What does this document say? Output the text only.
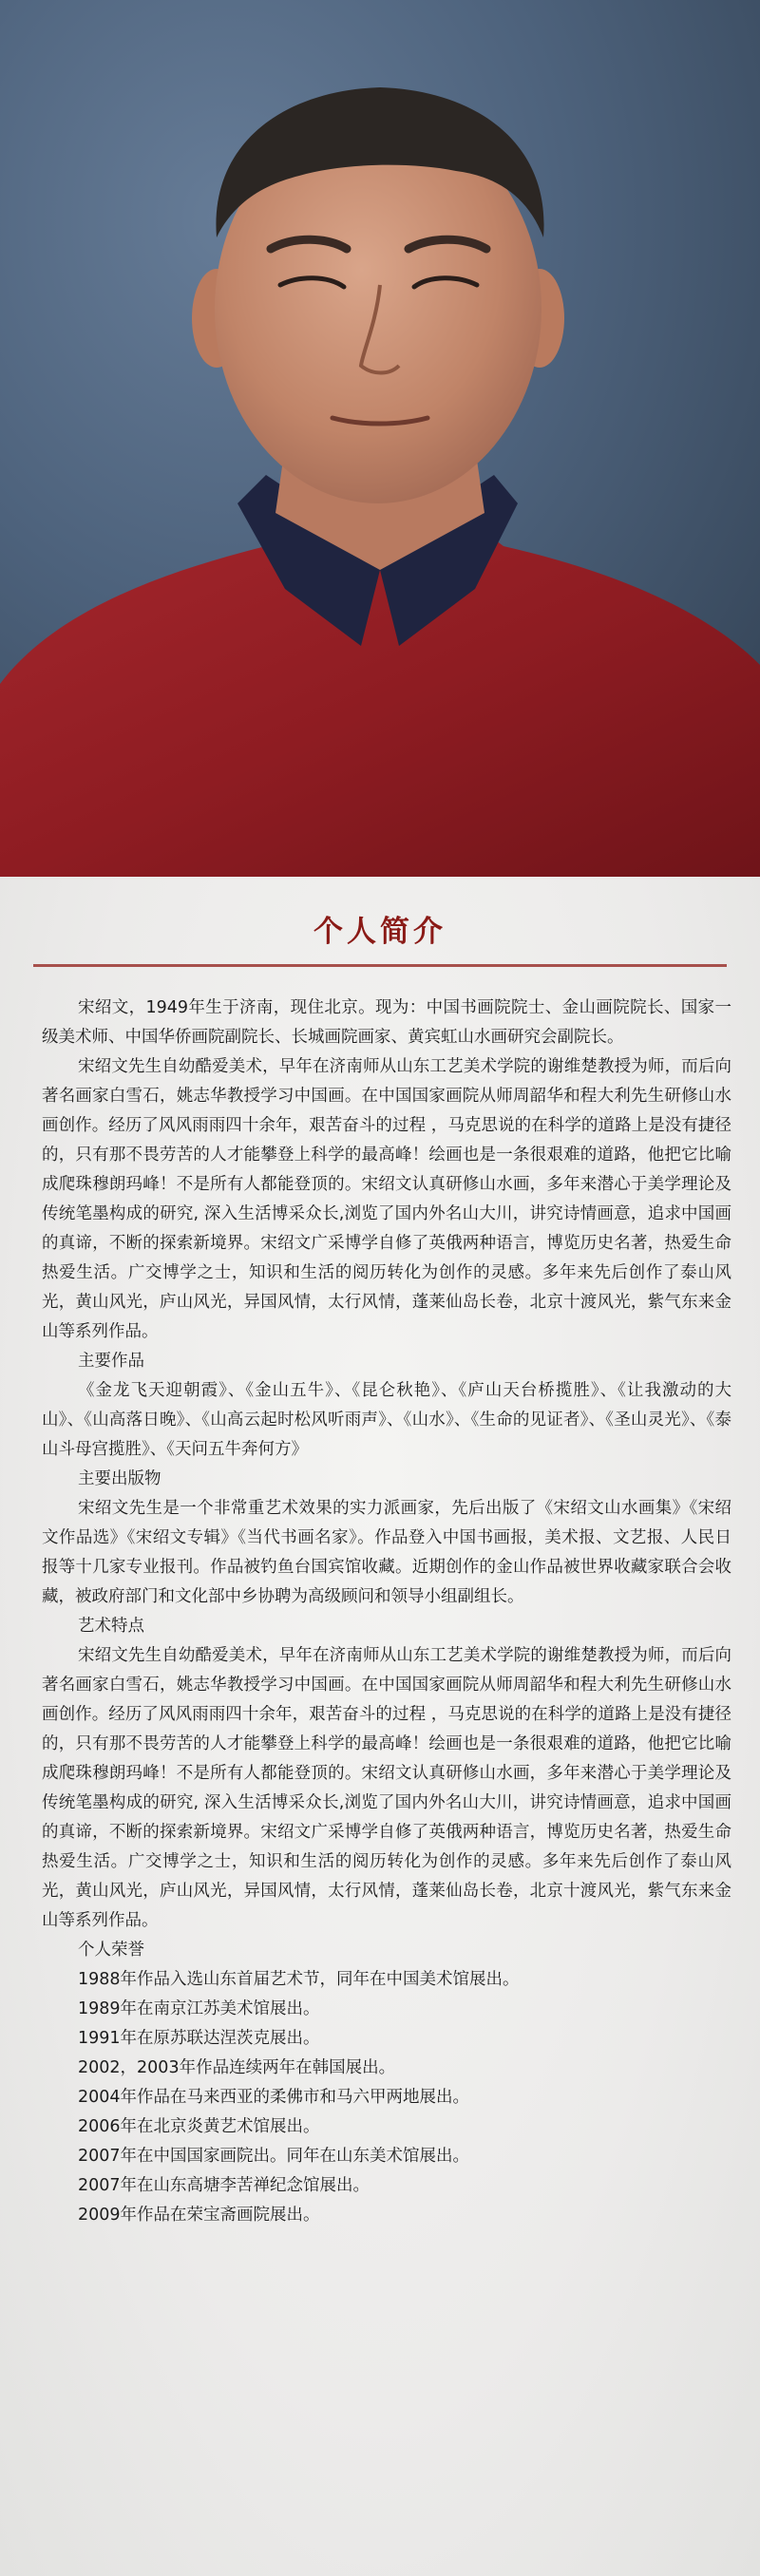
个人简介

宋绍文，1949年生于济南，现住北京。现为：中国书画院院士、金山画院院长、国家一级美术师、中国华侨画院副院长、长城画院画家、黄宾虹山水画研究会副院长。

宋绍文先生自幼酷爱美术，早年在济南师从山东工艺美术学院的谢维楚教授为师，而后向著名画家白雪石，姚志华教授学习中国画。在中国国家画院从师周韶华和程大利先生研修山水画创作。经历了风风雨雨四十余年，艰苦奋斗的过程 ，马克思说的在科学的道路上是没有捷径的，只有那不畏劳苦的人才能攀登上科学的最高峰！绘画也是一条很艰难的道路，他把它比喻成爬珠穆朗玛峰！不是所有人都能登顶的。宋绍文认真研修山水画，多年来潜心于美学理论及传统笔墨构成的研究, 深入生活博采众长,浏览了国内外名山大川，讲究诗情画意，追求中国画的真谛，不断的探索新境界。宋绍文广采博学自修了英俄两种语言，博览历史名著，热爱生命热爱生活。广交博学之士，知识和生活的阅历转化为创作的灵感。多年来先后创作了泰山风光，黄山风光，庐山风光，异国风情，太行风情，蓬莱仙岛长卷，北京十渡风光，紫气东来金山等系列作品。

主要作品

《金龙飞天迎朝霞》、《金山五牛》、《昆仑秋艳》、《庐山天台桥揽胜》、《让我激动的大山》、《山高落日晚》、《山高云起时松风听雨声》、《山水》、《生命的见证者》、《圣山灵光》、《泰山斗母宫揽胜》、《天问五牛奔何方》

主要出版物

宋绍文先生是一个非常重艺术效果的实力派画家，先后出版了《宋绍文山水画集》《宋绍文作品选》《宋绍文专辑》《当代书画名家》。作品登入中国书画报，美术报、文艺报、人民日报等十几家专业报刊。作品被钓鱼台国宾馆收藏。近期创作的金山作品被世界收藏家联合会收藏，被政府部门和文化部中乡协聘为高级顾问和领导小组副组长。

艺术特点

宋绍文先生自幼酷爱美术，早年在济南师从山东工艺美术学院的谢维楚教授为师，而后向著名画家白雪石，姚志华教授学习中国画。在中国国家画院从师周韶华和程大利先生研修山水画创作。经历了风风雨雨四十余年，艰苦奋斗的过程 ，马克思说的在科学的道路上是没有捷径的，只有那不畏劳苦的人才能攀登上科学的最高峰！绘画也是一条很艰难的道路，他把它比喻成爬珠穆朗玛峰！不是所有人都能登顶的。宋绍文认真研修山水画，多年来潜心于美学理论及传统笔墨构成的研究, 深入生活博采众长,浏览了国内外名山大川，讲究诗情画意，追求中国画的真谛，不断的探索新境界。宋绍文广采博学自修了英俄两种语言，博览历史名著，热爱生命热爱生活。广交博学之士，知识和生活的阅历转化为创作的灵感。多年来先后创作了泰山风光，黄山风光，庐山风光，异国风情，太行风情，蓬莱仙岛长卷，北京十渡风光，紫气东来金山等系列作品。

个人荣誉

1988年作品入选山东首届艺术节，同年在中国美术馆展出。

1989年在南京江苏美术馆展出。

1991年在原苏联达涅茨克展出。

2002，2003年作品连续两年在韩国展出。

2004年作品在马来西亚的柔佛市和马六甲两地展出。

2006年在北京炎黄艺术馆展出。

2007年在中国国家画院出。同年在山东美术馆展出。

2007年在山东高塘李苦禅纪念馆展出。

2009年作品在荣宝斋画院展出。
